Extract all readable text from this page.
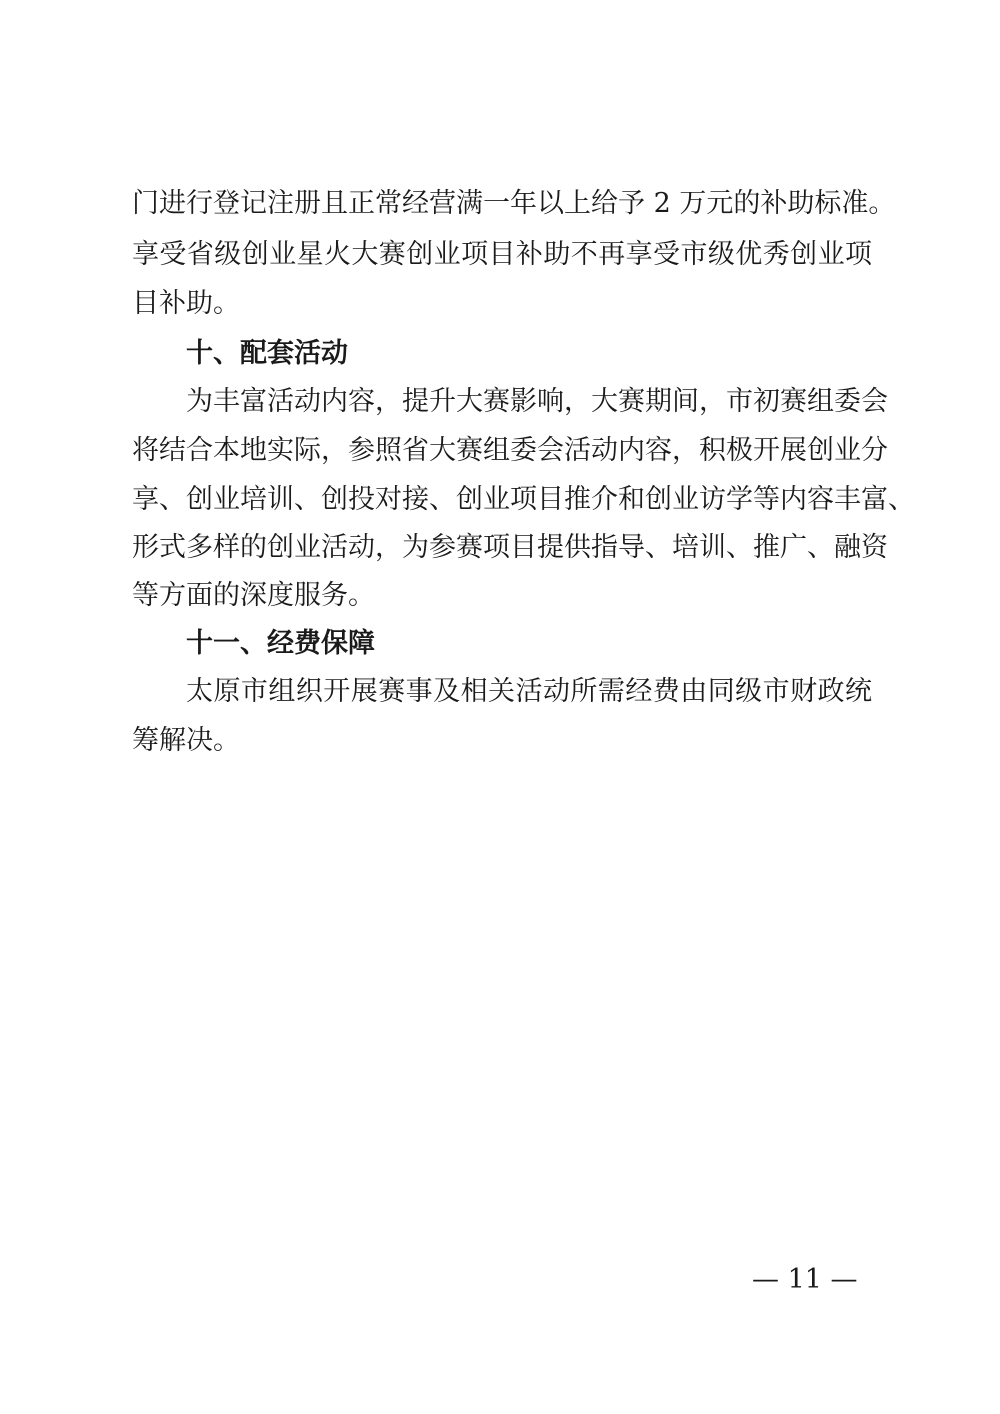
门进行登记注册且正常经营满一年以上给予 2 万元的补助标准。
享受省级创业星火大赛创业项目补助不再享受市级优秀创业项
目补助。
十、配套活动
为丰富活动内容，提升大赛影响，大赛期间，市初赛组委会
将结合本地实际，参照省大赛组委会活动内容，积极开展创业分
享、创业培训、创投对接、创业项目推介和创业访学等内容丰富、
形式多样的创业活动，为参赛项目提供指导、培训、推广、融资
等方面的深度服务。
十一、经费保障
太原市组织开展赛事及相关活动所需经费由同级市财政统
筹解决。
— 11 —
